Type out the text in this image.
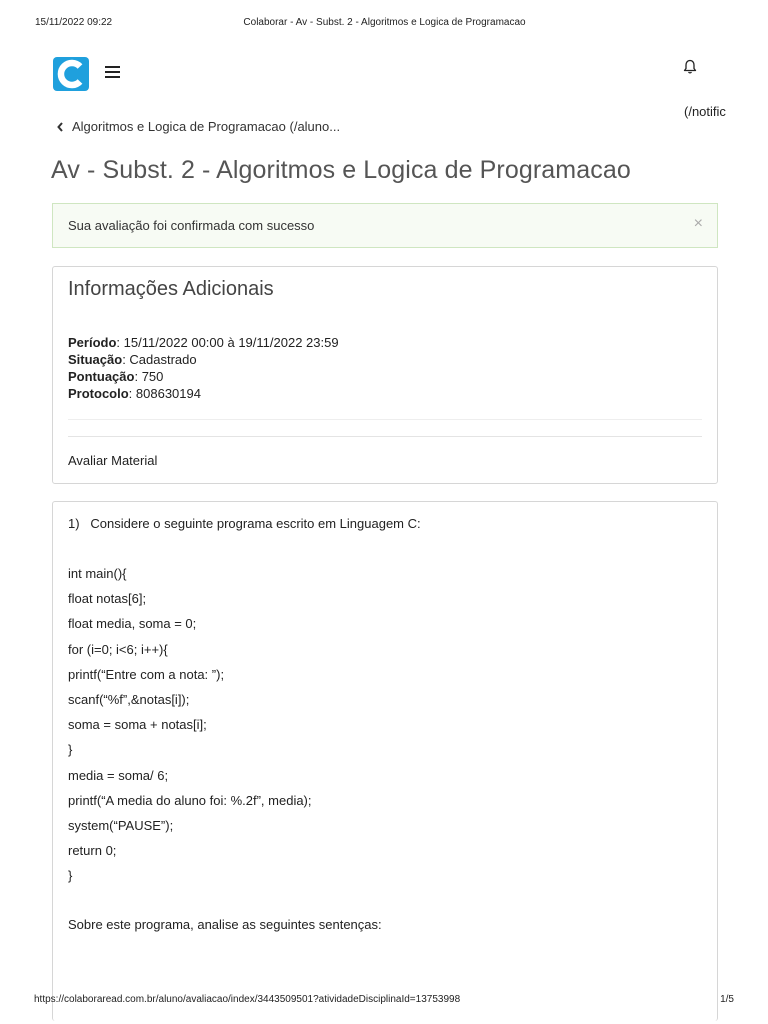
15/11/2022 09:22	Colaborar - Av - Subst. 2 - Algoritmos e Logica de Programacao
(/notific
Algoritmos e Logica de Programacao (/aluno...
Av - Subst. 2 - Algoritmos e Logica de Programacao
Sua avaliação foi confirmada com sucesso	×
Informações Adicionais
Período: 15/11/2022 00:00 à 19/11/2022 23:59
Situação: Cadastrado
Pontuação: 750
Protocolo: 808630194
Avaliar Material
1)   Considere o seguinte programa escrito em Linguagem C:
int main(){
float notas[6];
float media, soma = 0;
for (i=0; i<6; i++){
printf(“Entre com a nota: ”);
scanf(“%f”,&notas[i]);
soma = soma + notas[i];
}
media = soma/ 6;
printf(“A media do aluno foi: %.2f”, media);
system(“PAUSE”);
return 0;
}
Sobre este programa, analise as seguintes sentenças:
https://colaboraread.com.br/aluno/avaliacao/index/3443509501?atividadeDisciplinaId=13753998	1/5
